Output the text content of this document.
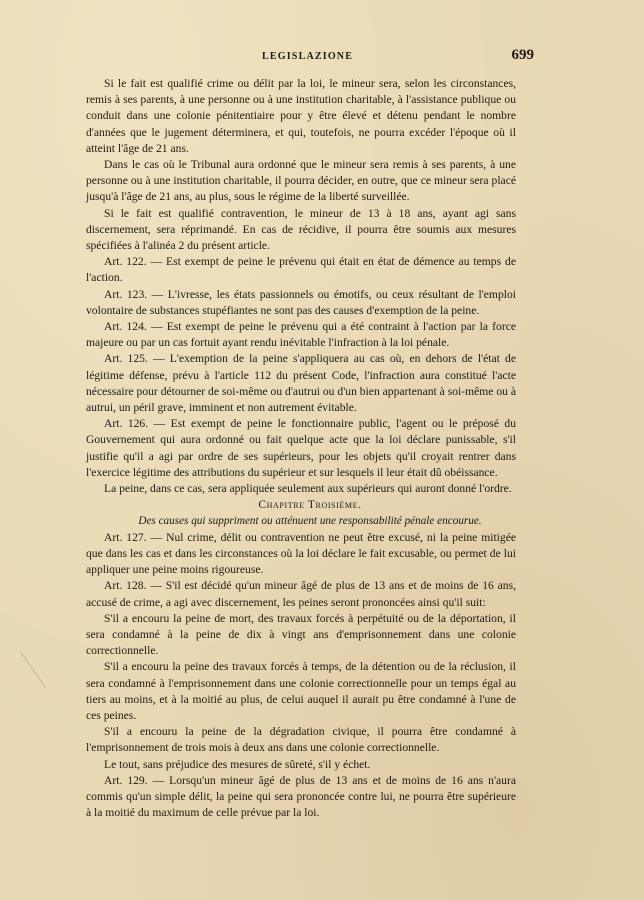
LEGISLAZIONE	699

Si le fait est qualifié crime ou délit par la loi, le mineur sera, selon les circonstances, remis à ses parents, à une personne ou à une institution charitable, à l'assistance publique ou conduit dans une colonie pénitentiaire pour y être élevé et détenu pendant le nombre d'années que le jugement déterminera, et qui, toutefois, ne pourra excéder l'époque où il atteint l'âge de 21 ans.

Dans le cas où le Tribunal aura ordonné que le mineur sera remis à ses parents, à une personne ou à une institution charitable, il pourra décider, en outre, que ce mineur sera placé jusqu'à l'âge de 21 ans, au plus, sous le régime de la liberté surveillée.

Si le fait est qualifié contravention, le mineur de 13 à 18 ans, ayant agi sans discernement, sera réprimandé. En cas de récidive, il pourra être soumis aux mesures spécifiées à l'alinéa 2 du présent article.

Art. 122. — Est exempt de peine le prévenu qui était en état de démence au temps de l'action.

Art. 123. — L'ivresse, les états passionnels ou émotifs, ou ceux résultant de l'emploi volontaire de substances stupéfiantes ne sont pas des causes d'exemption de la peine.

Art. 124. — Est exempt de peine le prévenu qui a été contraint à l'action par la force majeure ou par un cas fortuit ayant rendu inévitable l'infraction à la loi pénale.

Art. 125. — L'exemption de la peine s'appliquera au cas où, en dehors de l'état de légitime défense, prévu à l'article 112 du présent Code, l'infraction aura constitué l'acte nécessaire pour détourner de soi-même ou d'autrui ou d'un bien appartenant à soi-même ou à autrui, un péril grave, imminent et non autrement évitable.

Art. 126. — Est exempt de peine le fonctionnaire public, l'agent ou le préposé du Gouvernement qui aura ordonné ou fait quelque acte que la loi déclare punissable, s'il justifie qu'il a agi par ordre de ses supérieurs, pour les objets qu'il croyait rentrer dans l'exercice légitime des attributions du supérieur et sur lesquels il leur était dû obéissance.

La peine, dans ce cas, sera appliquée seulement aux supérieurs qui auront donné l'ordre.

Chapitre Troisième.

Des causes qui suppriment ou atténuent une responsabilité pénale encourue.

Art. 127. — Nul crime, délit ou contravention ne peut être excusé, ni la peine mitigée que dans les cas et dans les circonstances où la loi déclare le fait excusable, ou permet de lui appliquer une peine moins rigoureuse.

Art. 128. — S'il est décidé qu'un mineur âgé de plus de 13 ans et de moins de 16 ans, accusé de crime, a agi avec discernement, les peines seront prononcées ainsi qu'il suit:

S'il a encouru la peine de mort, des travaux forcés à perpétuité ou de la déportation, il sera condamné à la peine de dix à vingt ans d'emprisonnement dans une colonie correctionnelle.

S'il a encouru la peine des travaux forcés à temps, de la détention ou de la réclusion, il sera condamné à l'emprisonnement dans une colonie correctionnelle pour un temps égal au tiers au moins, et à la moitié au plus, de celui auquel il aurait pu être condamné à l'une de ces peines.

S'il a encouru la peine de la dégradation civique, il pourra être condamné à l'emprisonnement de trois mois à deux ans dans une colonie correctionnelle.

Le tout, sans préjudice des mesures de sûreté, s'il y échet.

Art. 129. — Lorsqu'un mineur âgé de plus de 13 ans et de moins de 16 ans n'aura commis qu'un simple délit, la peine qui sera prononcée contre lui, ne pourra être supérieure à la moitié du maximum de celle prévue par la loi.
